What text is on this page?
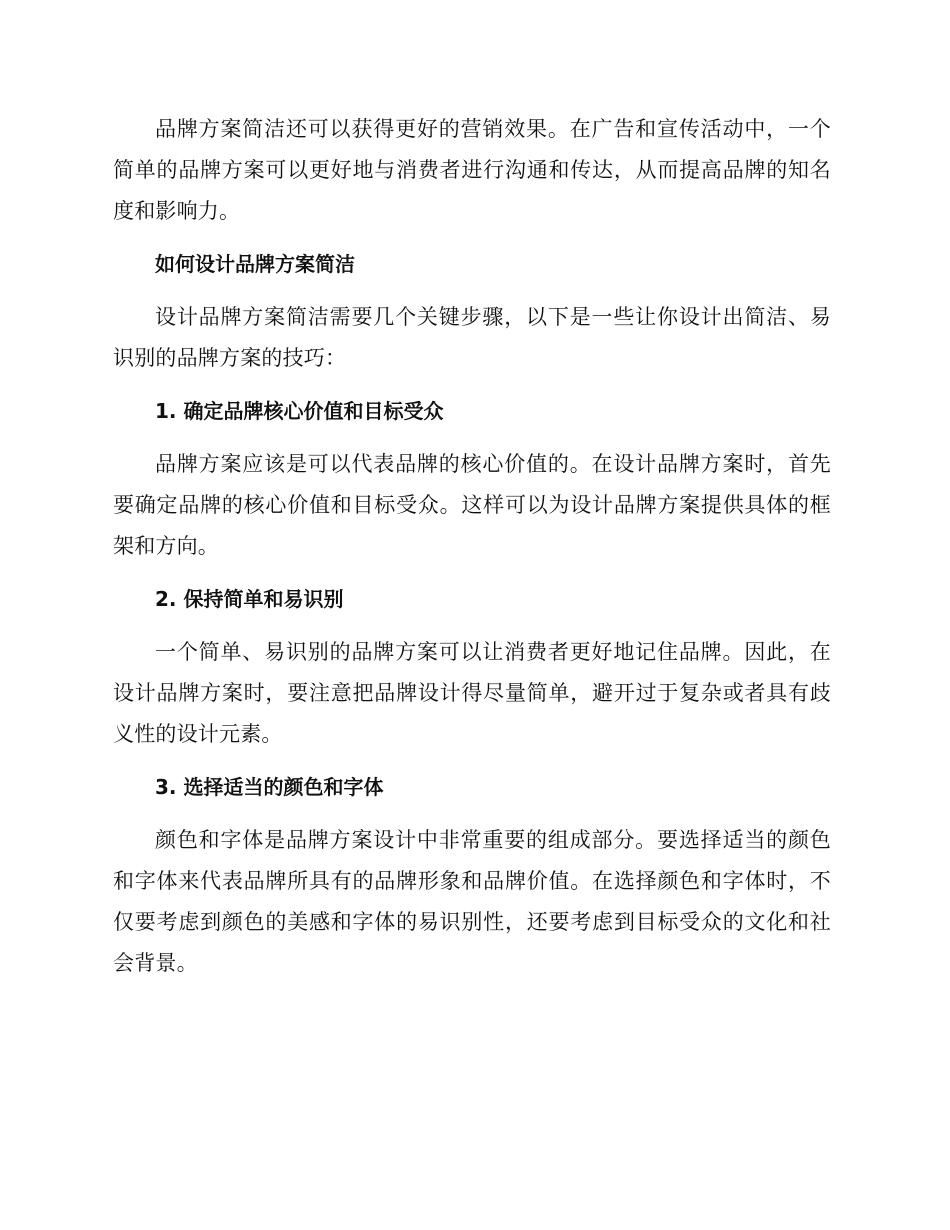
品牌方案简洁还可以获得更好的营销效果。在广告和宣传活动中，一个简单的品牌方案可以更好地与消费者进行沟通和传达，从而提高品牌的知名度和影响力。

如何设计品牌方案简洁

设计品牌方案简洁需要几个关键步骤，以下是一些让你设计出简洁、易识别的品牌方案的技巧：

1. 确定品牌核心价值和目标受众

品牌方案应该是可以代表品牌的核心价值的。在设计品牌方案时，首先要确定品牌的核心价值和目标受众。这样可以为设计品牌方案提供具体的框架和方向。

2. 保持简单和易识别

一个简单、易识别的品牌方案可以让消费者更好地记住品牌。因此，在设计品牌方案时，要注意把品牌设计得尽量简单，避开过于复杂或者具有歧义性的设计元素。

3. 选择适当的颜色和字体

颜色和字体是品牌方案设计中非常重要的组成部分。要选择适当的颜色和字体来代表品牌所具有的品牌形象和品牌价值。在选择颜色和字体时，不仅要考虑到颜色的美感和字体的易识别性，还要考虑到目标受众的文化和社会背景。
